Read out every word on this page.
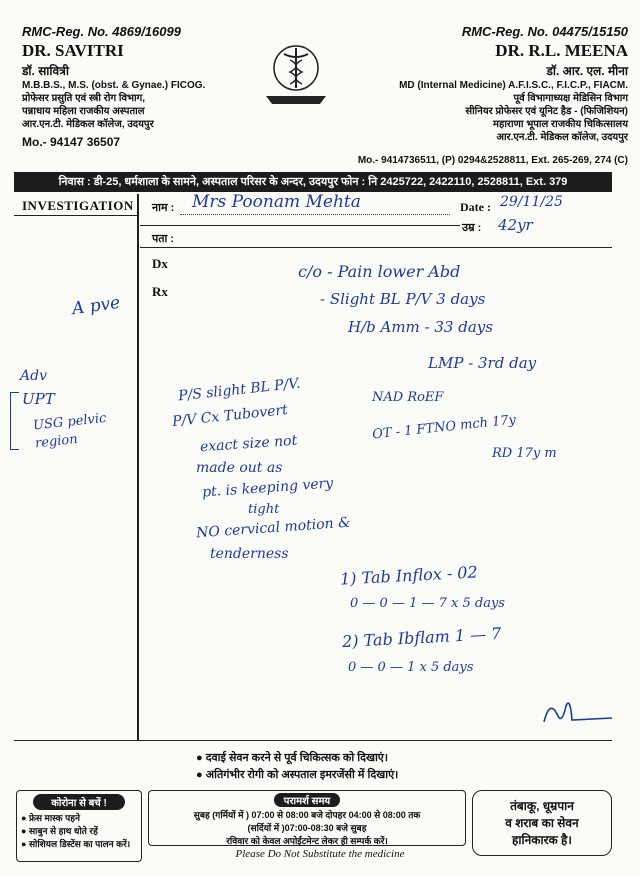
RMC-Reg. No. 4869/16099
DR. SAVITRI
डॉ. सावित्री
M.B.B.S., M.S. (obst. & Gynae.) FICOG.
प्रोफेसर प्रसुति एवं स्त्री रोग विभाग,
पन्नाधाय महिला राजकीय अस्पताल
आर.एन.टी. मेडिकल कॉलेज, उदयपुर
Mo.- 94147 36507
RMC-Reg. No. 04475/15150
DR. R.L. MEENA
डॉ. आर. एल. मीना
MD (Internal Medicine) A.F.I.S.C., F.I.C.P., FIACM.
पूर्व विभागाध्यक्ष मेडिसिन विभाग
सीनियर प्रोफेसर एवं यूनिट हैड - (फिजिशियन)
महाराणा भूपाल राजकीय चिकित्सालय
आर.एन.टी. मेडिकल कॉलेज, उदयपुर
Mo.- 9414736511, (P) 0294&2528811, Ext. 265-269, 274 (C)
निवास : डी-25, धर्मशाला के सामने, अस्पताल परिसर के अन्दर, उदयपुर फोन : नि 2425722, 2422110, 2528811, Ext. 379
INVESTIGATION नाम :	Date :
उम्र :
पता :
Dx
Rx
Mrs Poonam Mehta	29/11/25
42yr
c/o - Pain lower Abd
- Slight BL P/V 3 days
H/b Amm - 33 days
LMP - 3rd day
A pve
Adv
UPT
USG pelvic region
P/S slight BL P/V.
P/V Cx Tubovert
exact size not
made out as
pt. is keeping very
tight
NO cervical motion &
tenderness
NAD RoEF
OT - 1 FTNO mch 17y
RD 17y m
1) Tab Inflox - 02
0 — 0 — 1 — 7 x 5 days
2) Tab Ibflam 1 — 7
0 — 0 — 1 x 5 days
● दवाई सेवन करने से पूर्व चिकित्सक को दिखाएं।
● अतिगंभीर रोगी को अस्पताल इमरजेंसी में दिखाएं।
कोरोना से बचें !
● फ्रेस मास्क पहने
● साबुन से हाथ धोते रहें
● सोशियल डिस्टेंस का पालन करें।
परामर्श समय
सुबह (गर्मियों में ) 07:00 से 08:00 बजे दोपहर 04:00 से 08:00 तक
(सर्दियों में )07:00-08:30 बजे सुबह
रविवार को केवल अपोईंटमेन्ट लेकर ही सम्पर्क करें।
तंबाकू, धूम्रपान
व शराब का सेवन
हानिकारक है।
Please Do Not Substitute the medicine
